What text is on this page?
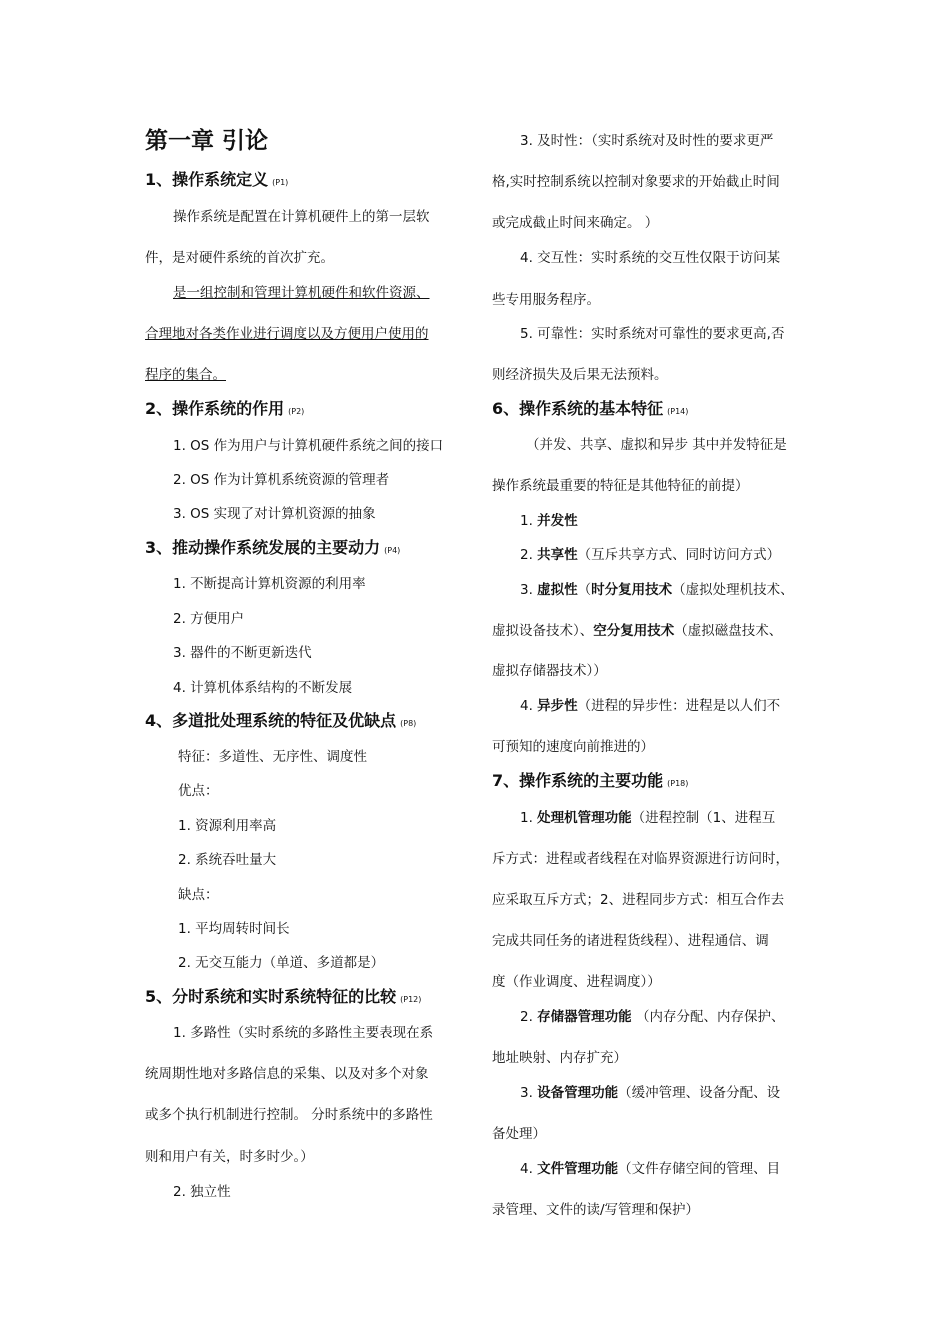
第一章 引论
1、操作系统定义 (P1)
操作系统是配置在计算机硬件上的第一层软
件，是对硬件系统的首次扩充。
是一组控制和管理计算机硬件和软件资源、
合理地对各类作业进行调度以及方便用户使用的
程序的集合。
2、操作系统的作用 (P2)
1. OS 作为用户与计算机硬件系统之间的接口
2. OS 作为计算机系统资源的管理者
3. OS 实现了对计算机资源的抽象
3、推动操作系统发展的主要动力 (P4)
1. 不断提高计算机资源的利用率
2. 方便用户
3. 器件的不断更新迭代
4. 计算机体系结构的不断发展
4、多道批处理系统的特征及优缺点 (P8)
特征：多道性、无序性、调度性
优点：
1. 资源利用率高
2. 系统吞吐量大
缺点：
1. 平均周转时间长
2. 无交互能力（单道、多道都是）
5、分时系统和实时系统特征的比较 (P12)
1. 多路性（实时系统的多路性主要表现在系
统周期性地对多路信息的采集、以及对多个对象
或多个执行机制进行控制。 分时系统中的多路性
则和用户有关，时多时少。）
2. 独立性
3. 及时性：（实时系统对及时性的要求更严
格,实时控制系统以控制对象要求的开始截止时间
或完成截止时间来确定。 ）
4. 交互性：实时系统的交互性仅限于访问某
些专用服务程序。
5. 可靠性：实时系统对可靠性的要求更高,否
则经济损失及后果无法预料。
6、操作系统的基本特征 (P14)
（并发、共享、虚拟和异步 其中并发特征是
操作系统最重要的特征是其他特征的前提）
1. 并发性
2. 共享性（互斥共享方式、同时访问方式）
3. 虚拟性（时分复用技术（虚拟处理机技术、
虚拟设备技术）、空分复用技术（虚拟磁盘技术、
虚拟存储器技术））
4. 异步性（进程的异步性：进程是以人们不
可预知的速度向前推进的）
7、操作系统的主要功能 (P18)
1. 处理机管理功能（进程控制（1、进程互
斥方式：进程或者线程在对临界资源进行访问时，
应采取互斥方式；2、进程同步方式：相互合作去
完成共同任务的诸进程货线程）、进程通信、调
度（作业调度、进程调度））
2. 存储器管理功能 （内存分配、内存保护、
地址映射、内存扩充）
3. 设备管理功能（缓冲管理、设备分配、设
备处理）
4. 文件管理功能（文件存储空间的管理、目
录管理、文件的读/写管理和保护）
